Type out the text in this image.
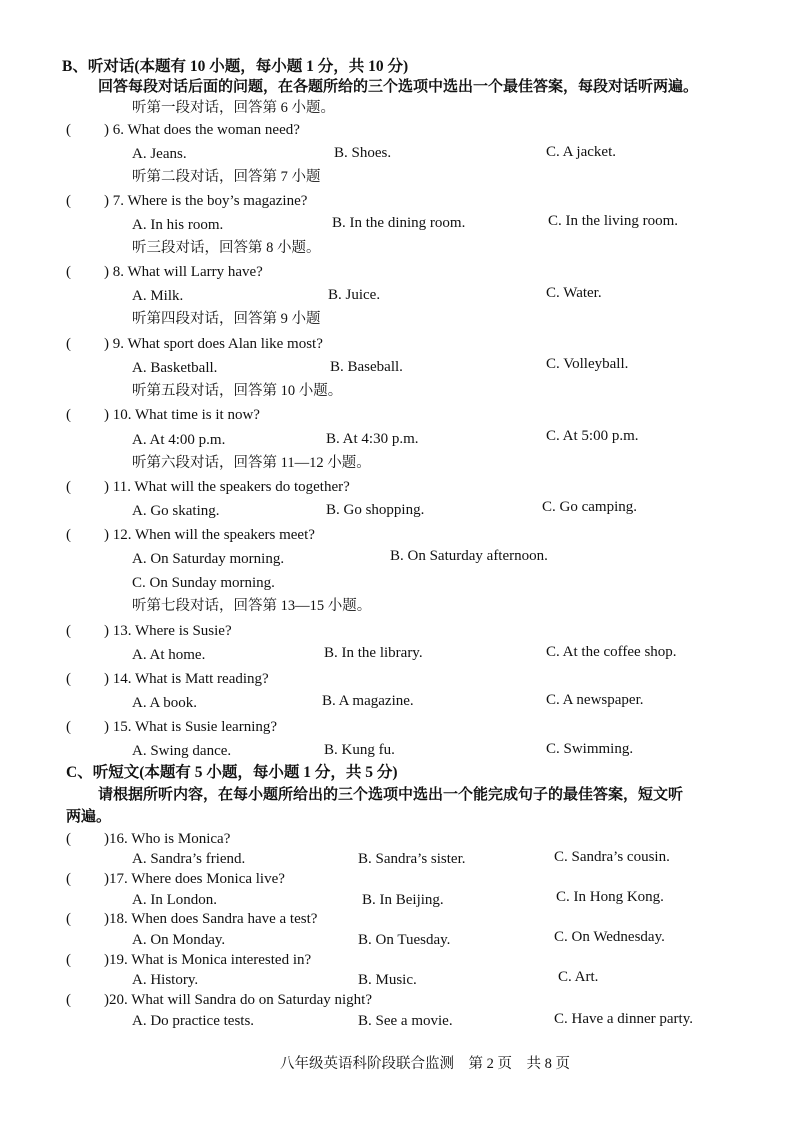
B、听对话(本题有 10 小题，每小题 1 分，共 10 分)
回答每段对话后面的问题，在各题所给的三个选项中选出一个最佳答案，每段对话听两遍。
听第一段对话，回答第 6 小题。
( ) 6. What does the woman need?
A. Jeans.	B. Shoes.	C. A jacket.
听第二段对话，回答第 7 小题
( ) 7. Where is the boy’s magazine?
A. In his room.	B. In the dining room.	C. In the living room.
听三段对话，回答第 8 小题。
( ) 8. What will Larry have?
A. Milk.	B. Juice.	C. Water.
听第四段对话，回答第 9 小题
( ) 9. What sport does Alan like most?
A. Basketball.	B. Baseball.	C. Volleyball.
听第五段对话，回答第 10 小题。
( ) 10. What time is it now?
A. At 4:00 p.m.	B. At 4:30 p.m.	C. At 5:00 p.m.
听第六段对话，回答第 11—12 小题。
( ) 11. What will the speakers do together?
A. Go skating.	B. Go shopping.	C. Go camping.
( ) 12. When will the speakers meet?
A. On Saturday morning.	B. On Saturday afternoon.
C. On Sunday morning.
听第七段对话，回答第 13—15 小题。
( ) 13. Where is Susie?
A. At home.	B. In the library.	C. At the coffee shop.
( ) 14. What is Matt reading?
A. A book.	B. A magazine.	C. A newspaper.
( ) 15. What is Susie learning?
A. Swing dance.	B. Kung fu.	C. Swimming.
C、听短文(本题有 5 小题，每小题 1 分，共 5 分)
请根据所听内容，在每小题所给出的三个选项中选出一个能完成句子的最佳答案，短文听
两遍。
( )16. Who is Monica?
A. Sandra’s friend.	B. Sandra’s sister.	C. Sandra’s cousin.
( )17. Where does Monica live?
A. In London.	B. In Beijing.	C. In Hong Kong.
( )18. When does Sandra have a test?
A. On Monday.	B. On Tuesday.	C. On Wednesday.
( )19. What is Monica interested in?
A. History.	B. Music.	C. Art.
( )20. What will Sandra do on Saturday night?
A. Do practice tests.	B. See a movie.	C. Have a dinner party.
八年级英语科阶段联合监测　第 2 页　共 8 页
